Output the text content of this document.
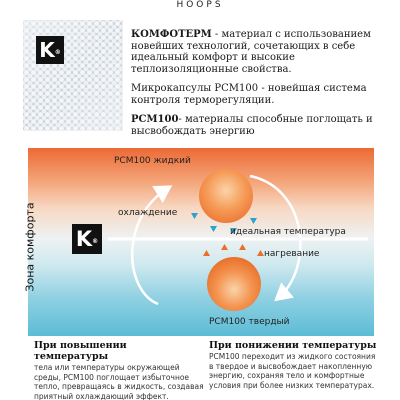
HOOPS
K®

КОМФОТЕРМ - материал с использованием новейших технологий, сочетающих в себе идеальный комфорт и высокие теплоизоляционные свойства.

Микрокапсулы PCM100 - новейшая система контроля терморегуляции.

PCM100- материалы способные поглощать и высвобождать энергию

K®
PCM100 жидкий
охлаждение
идеальная температура
нагревание
PCM100 твердый
Зона комфорта
При повышении температуры

тела или температуры окружающей среды, PCM100 поглощает избыточное тепло, превращаясь в жидкость, создавая приятный охлаждающий эффект.

При понижении температуры

PCM100 переходит из жидкого состояния в твердое и высвобождает накопленную энергию, сохраняя тело и комфортные условия при более низких температурах.
